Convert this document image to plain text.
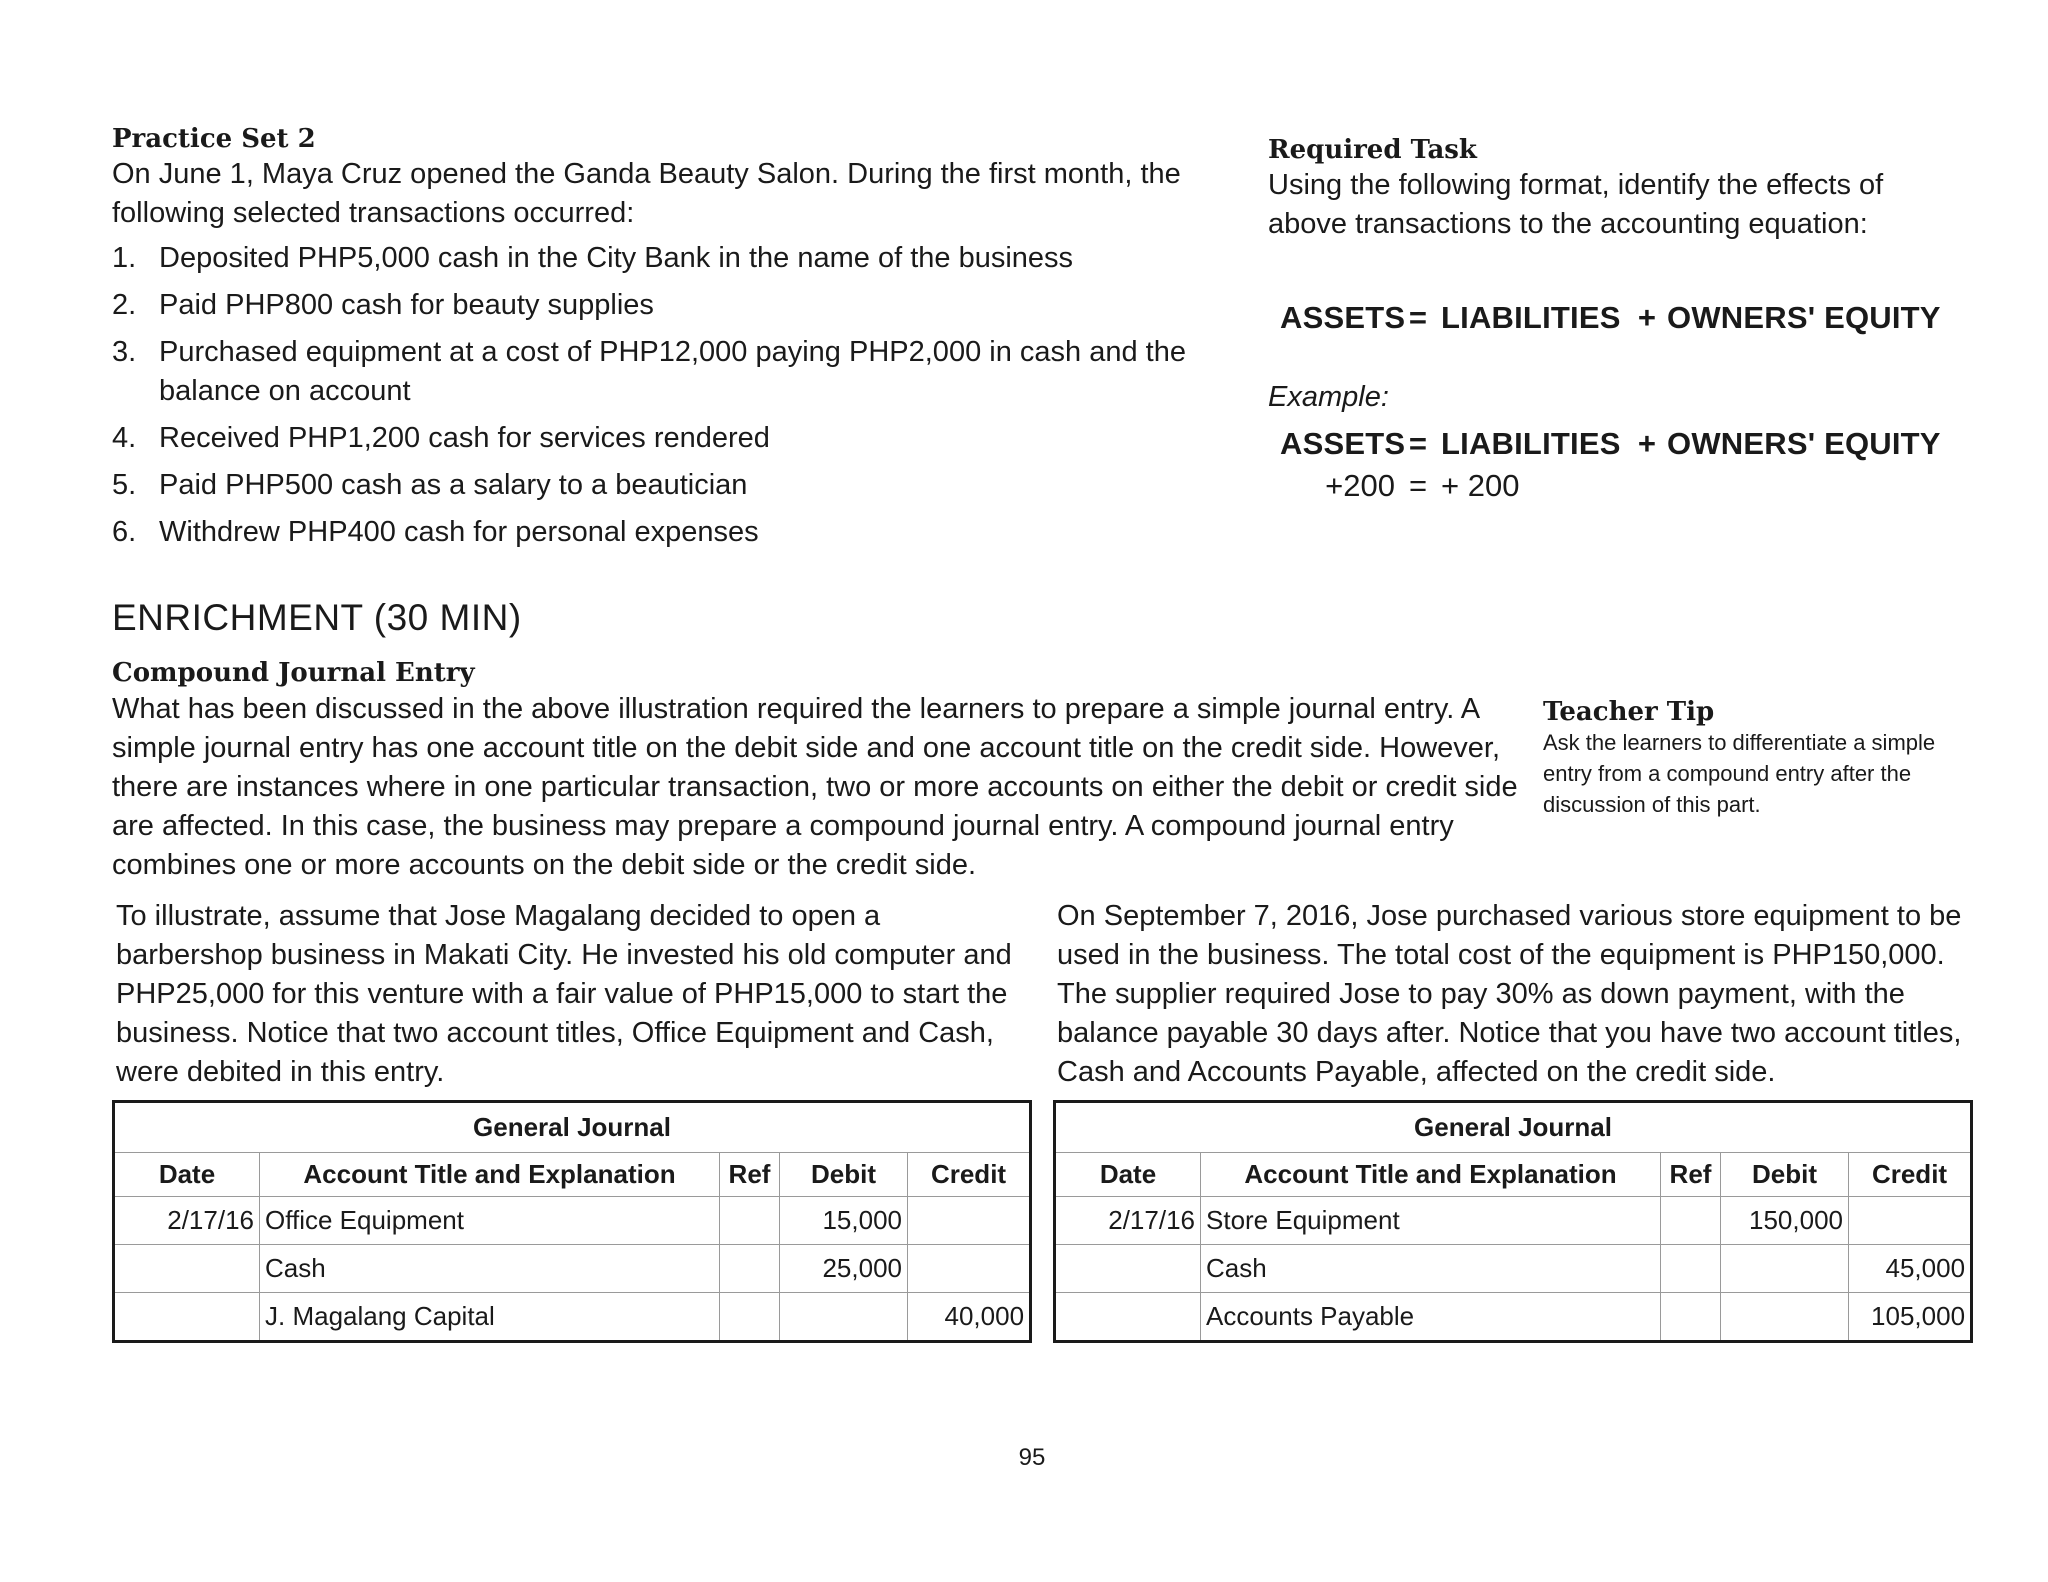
Practice Set 2
On June 1, Maya Cruz opened the Ganda Beauty Salon. During the first month, the following selected transactions occurred:
1. Deposited PHP5,000 cash in the City Bank in the name of the business
2. Paid PHP800 cash for beauty supplies
3. Purchased equipment at a cost of PHP12,000 paying PHP2,000 in cash and the balance on account
4. Received PHP1,200 cash for services rendered
5. Paid PHP500 cash as a salary to a beautician
6. Withdrew PHP400 cash for personal expenses
Required Task
Using the following format, identify the effects of above transactions to the accounting equation:
ASSETS = LIABILITIES + OWNERS' EQUITY
Example:
ASSETS = LIABILITIES + OWNERS' EQUITY
+200 = + 200
ENRICHMENT (30 MIN)
Compound Journal Entry
What has been discussed in the above illustration required the learners to prepare a simple journal entry. A simple journal entry has one account title on the debit side and one account title on the credit side. However, there are instances where in one particular transaction, two or more accounts on either the debit or credit side are affected. In this case, the business may prepare a compound journal entry. A compound journal entry combines one or more accounts on the debit side or the credit side.
Teacher Tip
Ask the learners to differentiate a simple entry from a compound entry after the discussion of this part.
To illustrate, assume that Jose Magalang decided to open a barbershop business in Makati City. He invested his old computer and PHP25,000 for this venture with a fair value of PHP15,000 to start the business. Notice that two account titles, Office Equipment and Cash, were debited in this entry.
On September 7, 2016, Jose purchased various store equipment to be used in the business. The total cost of the equipment is PHP150,000. The supplier required Jose to pay 30% as down payment, with the balance payable 30 days after. Notice that you have two account titles, Cash and Accounts Payable, affected on the credit side.
General Journal				
Date	Account Title and Explanation	Ref	Debit	Credit
2/17/16	Office Equipment		15,000	
	Cash		25,000	
	J. Magalang Capital			40,000
General Journal				
Date	Account Title and Explanation	Ref	Debit	Credit
2/17/16	Store Equipment		150,000	
	Cash			45,000
	Accounts Payable			105,000
95
